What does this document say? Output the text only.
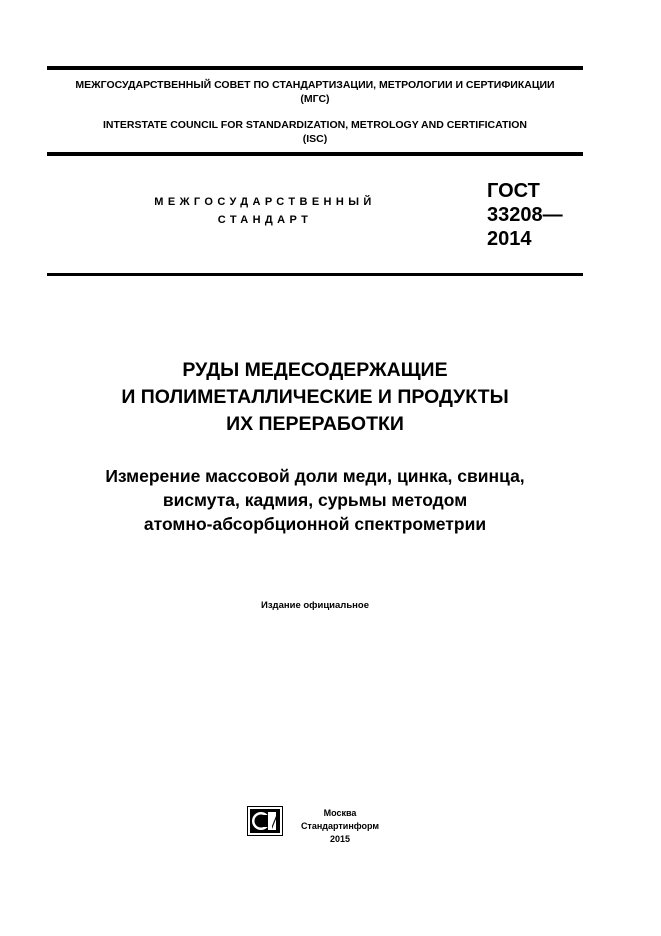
МЕЖГОСУДАРСТВЕННЫЙ СОВЕТ ПО СТАНДАРТИЗАЦИИ, МЕТРОЛОГИИ И СЕРТИФИКАЦИИ
(МГС)
INTERSTATE COUNCIL FOR STANDARDIZATION, METROLOGY AND CERTIFICATION
(ISC)
МЕЖГОСУДАРСТВЕННЫЙ
СТАНДАРТ
ГОСТ
33208—
2014
РУДЫ МЕДЕСОДЕРЖАЩИЕ
И ПОЛИМЕТАЛЛИЧЕСКИЕ И ПРОДУКТЫ
ИХ ПЕРЕРАБОТКИ
Измерение массовой доли меди, цинка, свинца,
висмута, кадмия, сурьмы методом
атомно-абсорбционной спектрометрии
Издание официальное
Москва
Стандартинформ
2015
